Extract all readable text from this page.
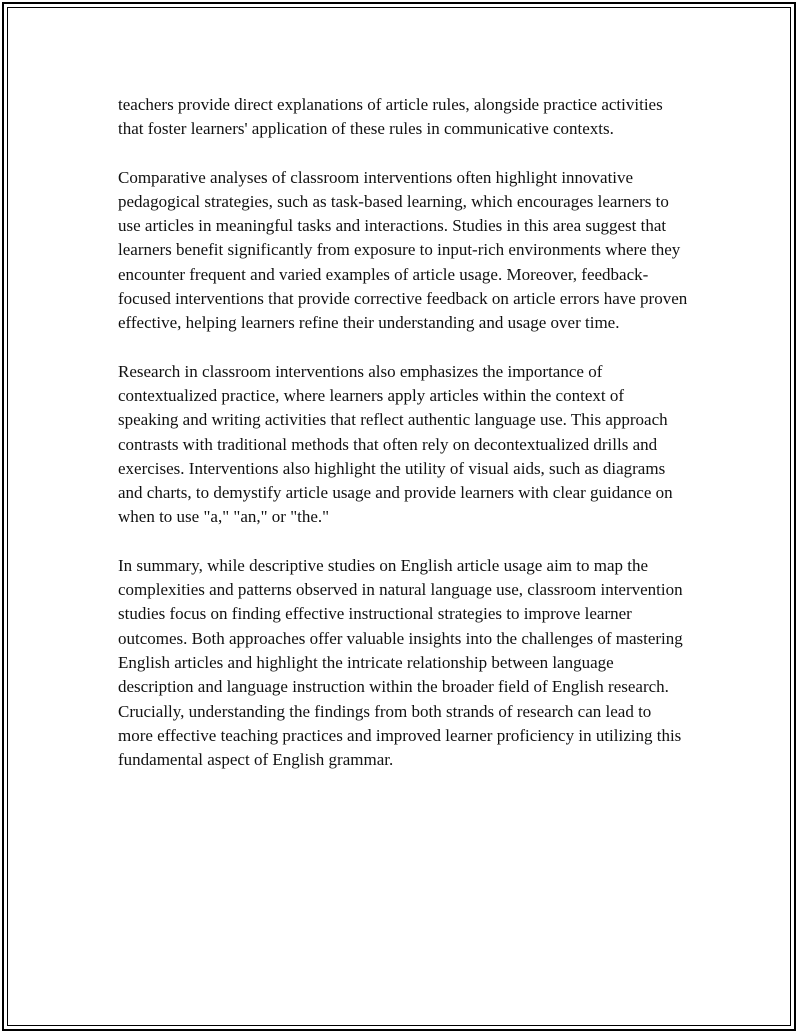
teachers provide direct explanations of article rules, alongside practice activities that foster learners' application of these rules in communicative contexts.

Comparative analyses of classroom interventions often highlight innovative pedagogical strategies, such as task-based learning, which encourages learners to use articles in meaningful tasks and interactions. Studies in this area suggest that learners benefit significantly from exposure to input-rich environments where they encounter frequent and varied examples of article usage. Moreover, feedback-focused interventions that provide corrective feedback on article errors have proven effective, helping learners refine their understanding and usage over time.

Research in classroom interventions also emphasizes the importance of contextualized practice, where learners apply articles within the context of speaking and writing activities that reflect authentic language use. This approach contrasts with traditional methods that often rely on decontextualized drills and exercises. Interventions also highlight the utility of visual aids, such as diagrams and charts, to demystify article usage and provide learners with clear guidance on when to use "a," "an," or "the."

In summary, while descriptive studies on English article usage aim to map the complexities and patterns observed in natural language use, classroom intervention studies focus on finding effective instructional strategies to improve learner outcomes. Both approaches offer valuable insights into the challenges of mastering English articles and highlight the intricate relationship between language description and language instruction within the broader field of English research. Crucially, understanding the findings from both strands of research can lead to more effective teaching practices and improved learner proficiency in utilizing this fundamental aspect of English grammar.
